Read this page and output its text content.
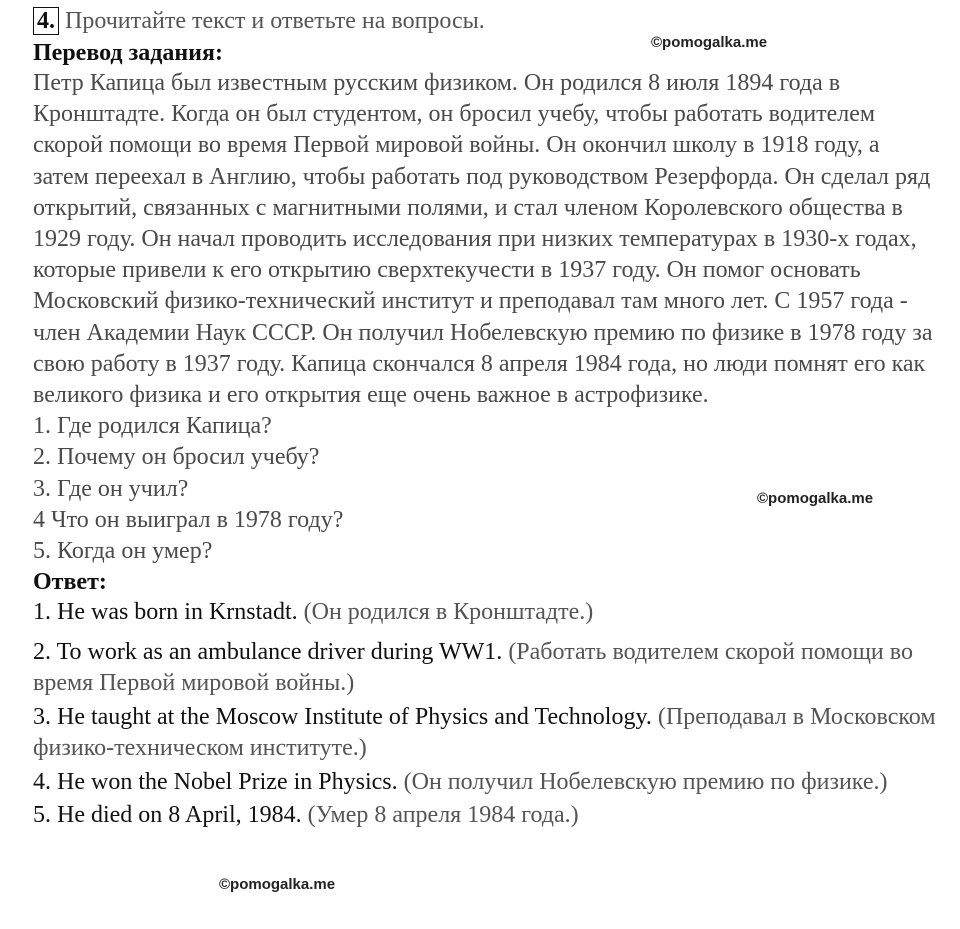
4. Прочитайте текст и ответьте на вопросы.
Перевод задания:

Петр Капица был известным русским физиком. Он родился 8 июля 1894 года в Кронштадте. Когда он был студентом, он бросил учебу, чтобы работать водителем скорой помощи во время Первой мировой войны. Он окончил школу в 1918 году, а затем переехал в Англию, чтобы работать под руководством Резерфорда. Он сделал ряд открытий, связанных с магнитными полями, и стал членом Королевского общества в 1929 году. Он начал проводить исследования при низких температурах в 1930-х годах, которые привели к его открытию сверхтекучести в 1937 году. Он помог основать Московский физико-технический институт и преподавал там много лет. С 1957 года - член Академии Наук СССР. Он получил Нобелевскую премию по физике в 1978 году за свою работу в 1937 году. Капица скончался 8 апреля 1984 года, но люди помнят его как великого физика и его открытия еще очень важное в астрофизике.

1. Где родился Капица?
2. Почему он бросил учебу?
3. Где он учил?
4 Что он выиграл в 1978 году?
5. Когда он умер?
Ответ:
1. He was born in Krnstadt. (Он родился в Кронштадте.)
2. To work as an ambulance driver during WW1. (Работать водителем скорой помощи во время Первой мировой войны.)
3. He taught at the Moscow Institute of Physics and Technology. (Преподавал в Московском физико-техническом институте.)
4. He won the Nobel Prize in Physics. (Он получил Нобелевскую премию по физике.)
5. He died on 8 April, 1984. (Умер 8 апреля 1984 года.)
©pomogalka.me
©pomogalka.me
©pomogalka.me
